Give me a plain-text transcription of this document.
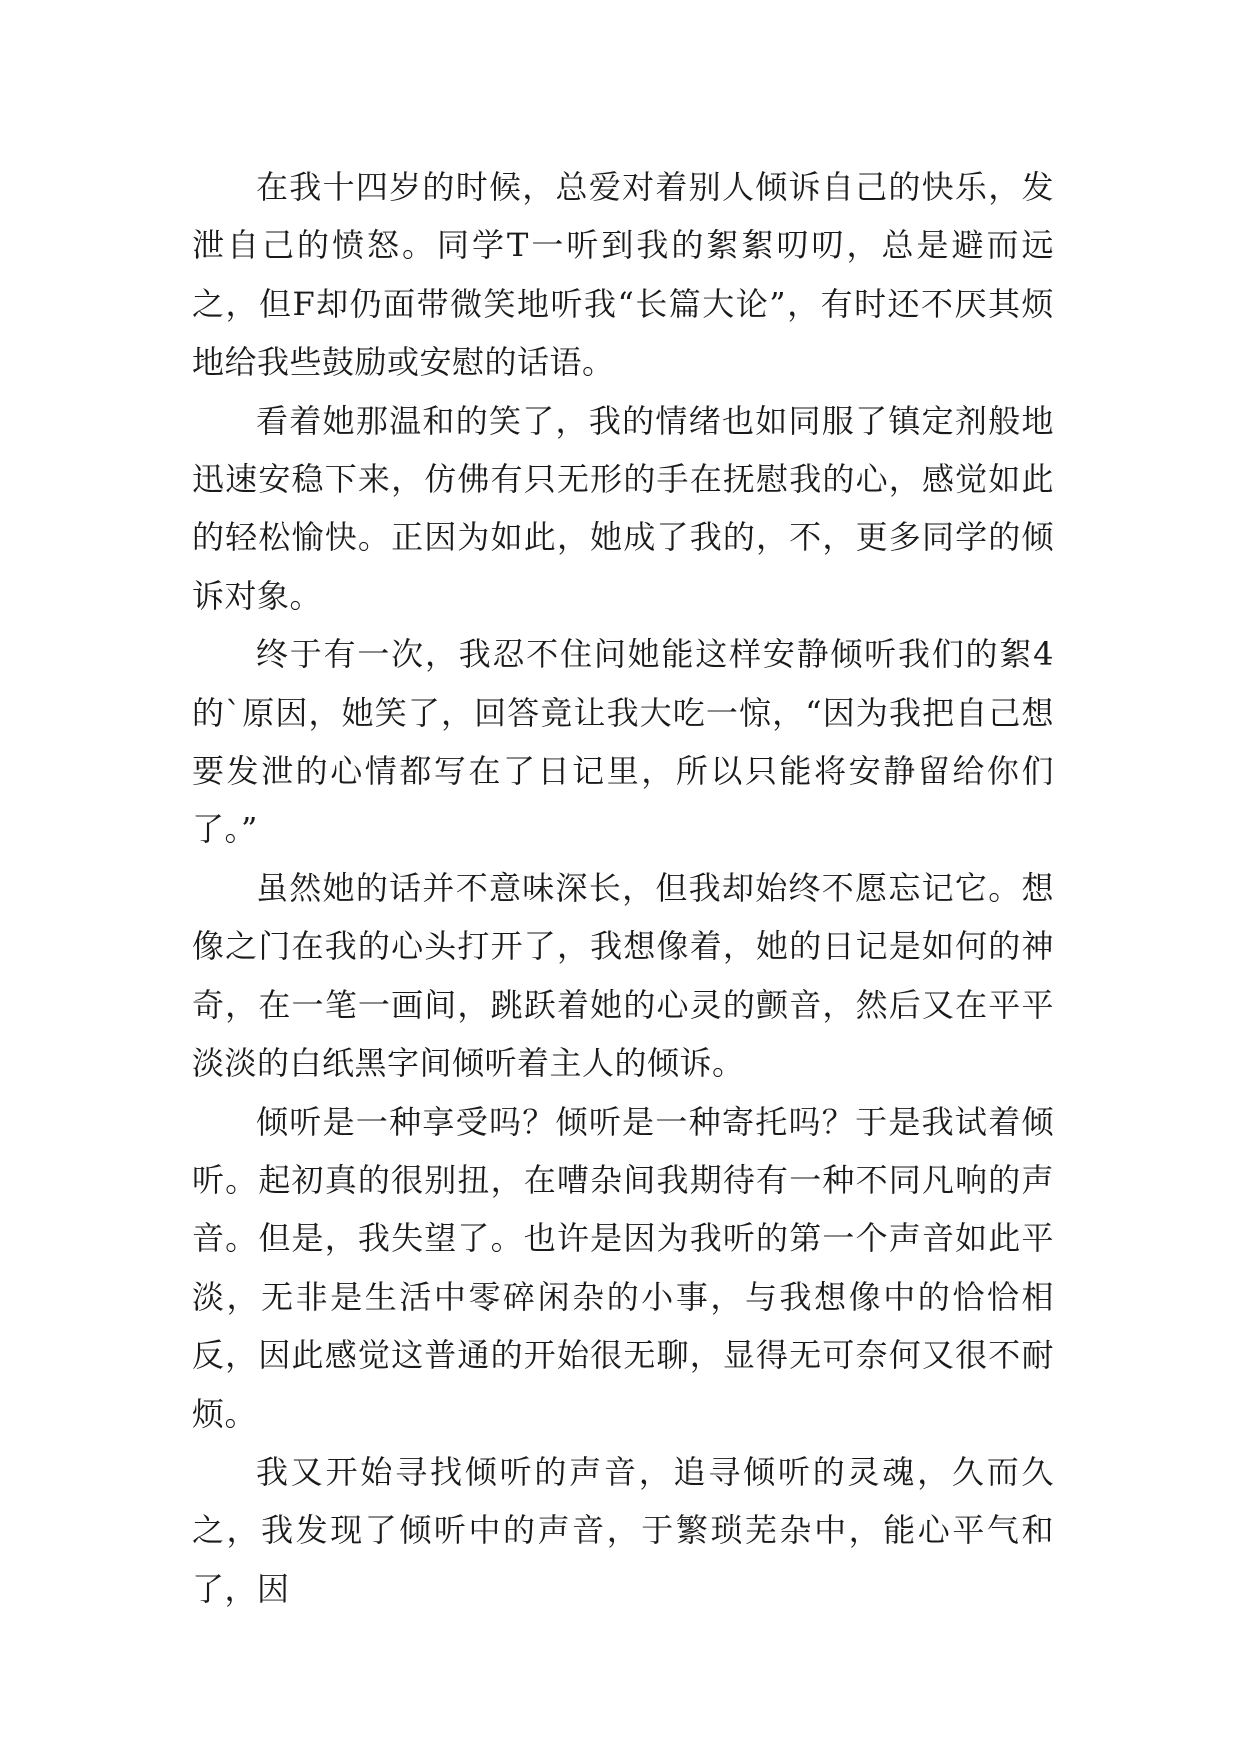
在我十四岁的时候，总爱对着别人倾诉自己的快乐，发泄自己的愤怒。同学T一听到我的絮絮叨叨，总是避而远之，但F却仍面带微笑地听我“长篇大论”，有时还不厌其烦地给我些鼓励或安慰的话语。

看着她那温和的笑了，我的情绪也如同服了镇定剂般地迅速安稳下来，仿佛有只无形的手在抚慰我的心，感觉如此的轻松愉快。正因为如此，她成了我的，不，更多同学的倾诉对象。

终于有一次，我忍不住问她能这样安静倾听我们的絮4的`原因，她笑了，回答竟让我大吃一惊，“因为我把自己想要发泄的心情都写在了日记里，所以只能将安静留给你们了。”

虽然她的话并不意味深长，但我却始终不愿忘记它。想像之门在我的心头打开了，我想像着，她的日记是如何的神奇，在一笔一画间，跳跃着她的心灵的颤音，然后又在平平淡淡的白纸黑字间倾听着主人的倾诉。

倾听是一种享受吗？倾听是一种寄托吗？于是我试着倾听。起初真的很别扭，在嘈杂间我期待有一种不同凡响的声音。但是，我失望了。也许是因为我听的第一个声音如此平淡，无非是生活中零碎闲杂的小事，与我想像中的恰恰相反，因此感觉这普通的开始很无聊，显得无可奈何又很不耐烦。

我又开始寻找倾听的声音，追寻倾听的灵魂，久而久之，我发现了倾听中的声音，于繁琐芜杂中，能心平气和了，因
